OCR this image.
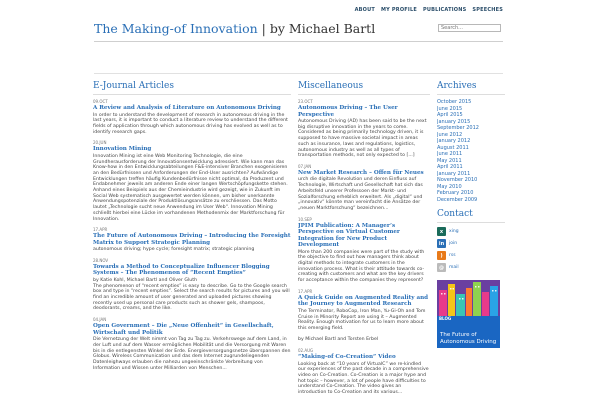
ABOUT MY PROFILE PUBLICATIONS SPEECHES
The Making-of Innovation | by Michael Bartl
Search...
E-Journal Articles
09.OCT
A Review and Analysis of Literature on Autonomous Driving
In order to understand the development of research in autonomous driving in the last years, it is important to conduct a literature review to understand the different fields of application through which autonomous driving has evolved as well as to identify research gaps.
20.JUN
Innovation Mining
Innovation Mining ist eine Web Monitoring Technologie, die eine Grundherausforderung der Innovationsentwicklung adressiert. Wie kann man das Know-how in den Entwicklungsabteilungen F&E-intensiver Branchen exogenisieren an den Bedürfnissen und Anforderungen der End-User ausrichten? Aufwändige Entwicklungen treffen häufig Kundenbedürfnisse nicht optimal, da Produzent und Endabnehmer jeweils am anderen Ende einer langen Wertschöpfungskette stehen. Anhand eines Beispiels aus der Chemieindustrie wird gezeigt, wie in Zukunft im Social Web systematisch ausgewertet werden können, um bisher unerkannte Anwendungspotenziale der Produktlösungsansätze zu erschliessen. Das Motto lautet „Technologie sucht neue Anwendung im User Web“. Innovation Mining schließt hierbei eine Lücke im vorhandenen Methodenmix der Marktforschung für Innovation.
17.APR
The Future of Autonomous Driving – Introducing the Foresight Matrix to Support Strategic Planning
autonomous driving; hype cycle; foresight matrix; strategic planning
28.NOV
Towards a Method to Conceptualize Influencer Blogging Systems – The Phenomenon of “Recent Empties”
by Katie Kohl, Michael Bartl and Oliver Gluth
The phenomenon of “recent empties” is easy to describe. Go to the Google search box and type in “recent empties”. Select the search results for pictures and you will find an incredible amount of user generated and uploaded pictures showing recently used up personal care products such as shower gels, shampoos, deodorants, creams, and the like.
04.JAN
Open Government – Die „Neue Offenheit“ in Gesellschaft, Wirtschaft und Politik
Die Vernetzung der Welt nimmt von Tag zu Tag zu. Verkehrswege auf dem Land, in der Luft und auf dem Wasser ermöglichen Mobilität und die Versorgung mit Waren bis in die entlegensten Winkel der Erde. Energieversorgungsnetze überspannen den Globus. Wireless Communication und das dem Internet zugrundeliegenden Datenleighways erlauben die nahezu ungeeinschränkte Verbreitung von Information und Wissen unter Milliarden von Menschen...
Miscellaneous
23.OCT
Autonomous Driving – The User Perspective
Autonomous Driving (AD) has been said to be the next big disruptive innovation in the years to come. Considered as being primarily technology driven, it is supposed to have massive societal impact in areas such as insurance, laws and regulations, logistics, autonomous industry as well as all types of transportation methods, not only expected to [...]
07.JAN
New Market Research – Offen für Neues
urch die digitale Revolution und deren Einfluss auf Technologie, Wirtschaft und Gesellschaft hat sich das Arbeitsfeld unserer Professoen der Markt- und Sozialforschung erheblich erweitert. Als „digital“ und „innovativ“ könnte man vereinfacht die Ansätze der „neuen Marktforschung“ bezeichnen...
10.SEP
JPIM Publication: A Manager’s Perspective on Virtual Customer Integration for New Product Development
More than 200 companies were part of the study with the objective to find out how managers think about digital methods to integrate customers in the innovation process. What is their attitude towards co-creating with customers and what are the key drivers for acceptance within the companies they represent?
17.APR
A Quick Guide on Augmented Reality and the Journey to Augmented Research
The Terminator, RoboCop, Iron Man, Yu-Gi-Oh and Tom Cruise in Minority Report are using it – Augmented Reality. Enough motivation for us to learn more about this emerging field.

by Michael Bartl and Torsten Erbel
02.AUG
“Making-of Co-Creation” Video
Looking back at “10 years of VirtualC” we re-kindled our experiences of the past decade in a comprehensive video on Co-Creation. Co-Creation is a major hype and hot topic – however, a lot of people have difficulties to understand Co-Creation. The video gives an introduction to Co-Creation and its various...
Archives
October 2015
June 2015
April 2015
January 2015
September 2012
June 2012
January 2012
August 2011
June 2011
May 2011
April 2011
January 2011
November 2010
May 2010
February 2010
December 2009
Contact
x	xing
in	join
)	rss
@	mail
BLOG
The Future of
Autonomous Driving
